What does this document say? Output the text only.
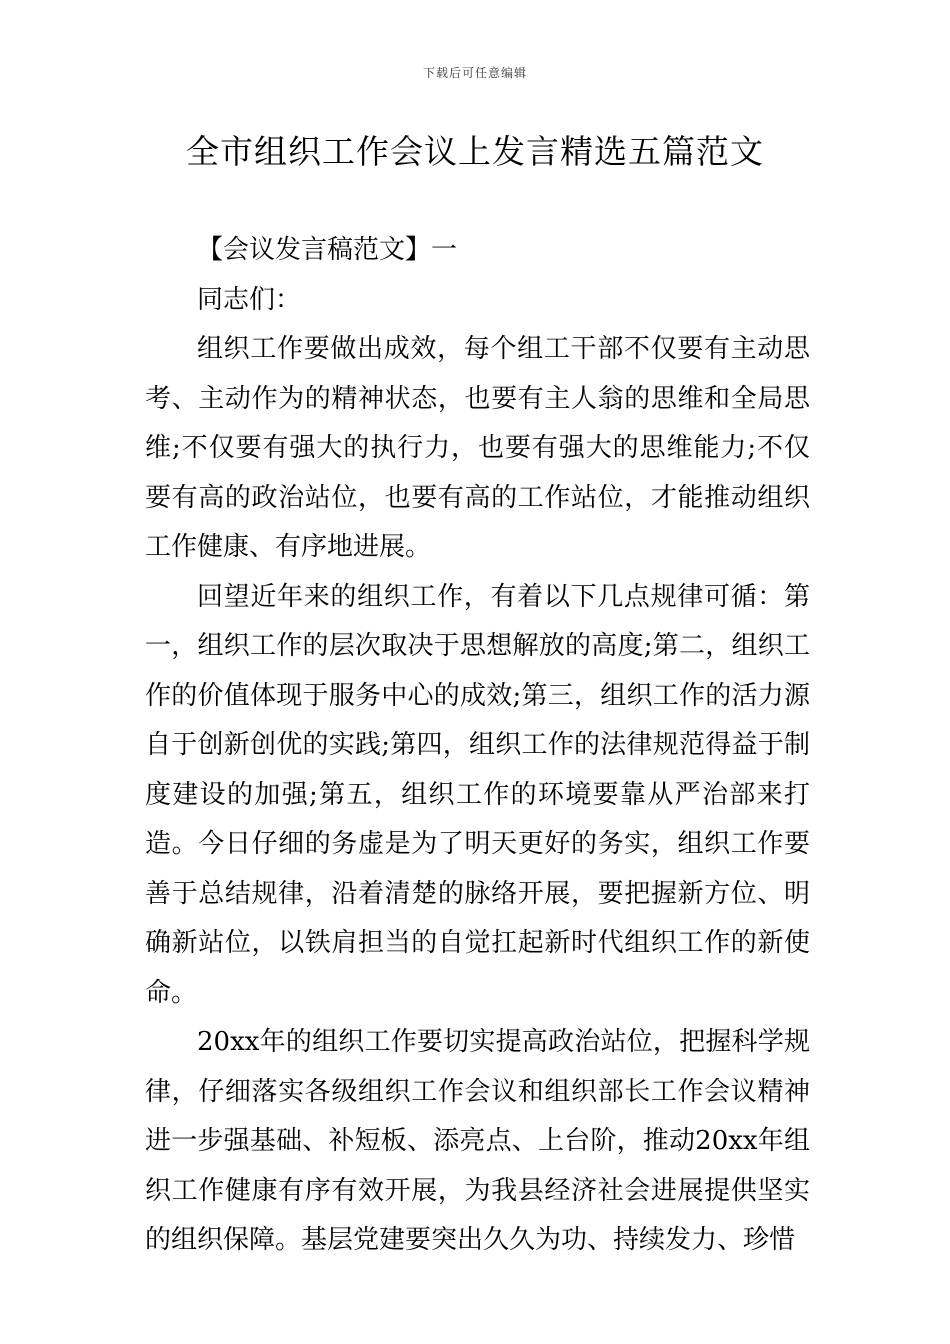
下载后可任意编辑
全市组织工作会议上发言精选五篇范文

【会议发言稿范文】一

同志们：

组织工作要做出成效，每个组工干部不仅要有主动思考、主动作为的精神状态，也要有主人翁的思维和全局思维;不仅要有强大的执行力，也要有强大的思维能力;不仅要有高的政治站位，也要有高的工作站位，才能推动组织工作健康、有序地进展。

回望近年来的组织工作，有着以下几点规律可循：第一，组织工作的层次取决于思想解放的高度;第二，组织工作的价值体现于服务中心的成效;第三，组织工作的活力源自于创新创优的实践;第四，组织工作的法律规范得益于制度建设的加强;第五，组织工作的环境要靠从严治部来打造。今日仔细的务虚是为了明天更好的务实，组织工作要善于总结规律，沿着清楚的脉络开展，要把握新方位、明确新站位，以铁肩担当的自觉扛起新时代组织工作的新使命。

20xx年的组织工作要切实提高政治站位，把握科学规律，仔细落实各级组织工作会议和组织部长工作会议精神进一步强基础、补短板、添亮点、上台阶，推动20xx年组织工作健康有序有效开展，为我县经济社会进展提供坚实的组织保障。基层党建要突出久久为功、持续发力、珍惜
